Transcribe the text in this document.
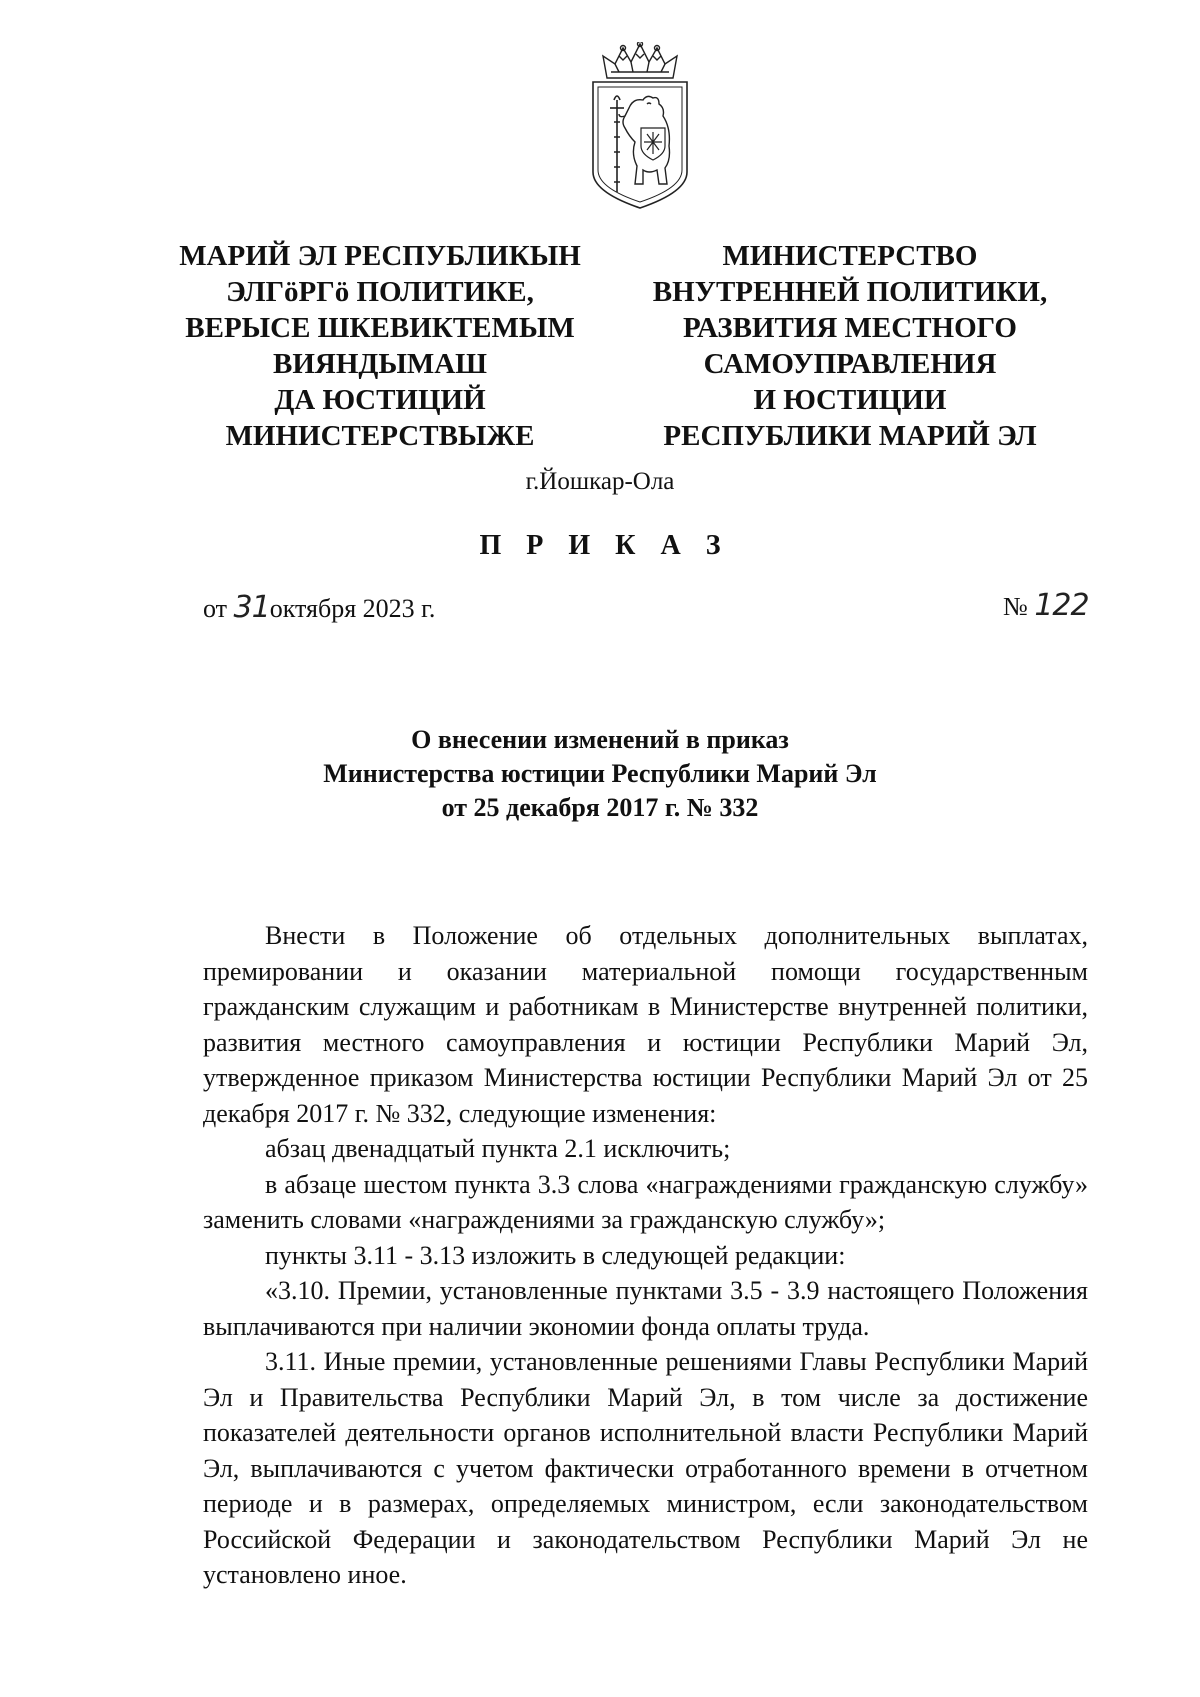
МАРИЙ ЭЛ РЕСПУБЛИКЫН
ЭЛГӧРГӧ ПОЛИТИКЕ,
ВЕРЫСЕ ШКЕВИКТЕМЫМ
ВИЯНДЫМАШ
ДА ЮСТИЦИЙ
МИНИСТЕРСТВЫЖЕ
МИНИСТЕРСТВО
ВНУТРЕННЕЙ ПОЛИТИКИ,
РАЗВИТИЯ МЕСТНОГО
САМОУПРАВЛЕНИЯ
И ЮСТИЦИИ
РЕСПУБЛИКИ МАРИЙ ЭЛ
г.Йошкар-Ола
П Р И К А З
от 31октября 2023 г.	№ 122
О внесении изменений в приказ
Министерства юстиции Республики Марий Эл
от 25 декабря 2017 г. № 332

Внести в Положение об отдельных дополнительных выплатах, премировании и оказании материальной помощи государственным гражданским служащим и работникам в Министерстве внутренней политики, развития местного самоуправления и юстиции Республики Марий Эл, утвержденное приказом Министерства юстиции Республики Марий Эл от 25 декабря 2017 г. № 332, следующие изменения:

абзац двенадцатый пункта 2.1 исключить;

в абзаце шестом пункта 3.3 слова «награждениями гражданскую службу» заменить словами «награждениями за гражданскую службу»;

пункты 3.11 - 3.13 изложить в следующей редакции:

«3.10. Премии, установленные пунктами 3.5 - 3.9 настоящего Положения выплачиваются при наличии экономии фонда оплаты труда.

3.11. Иные премии, установленные решениями Главы Республики Марий Эл и Правительства Республики Марий Эл, в том числе за достижение показателей деятельности органов исполнительной власти Республики Марий Эл, выплачиваются с учетом фактически отработанного времени в отчетном периоде и в размерах, определяемых министром, если законодательством Российской Федерации и законодательством Республики Марий Эл не установлено иное.
